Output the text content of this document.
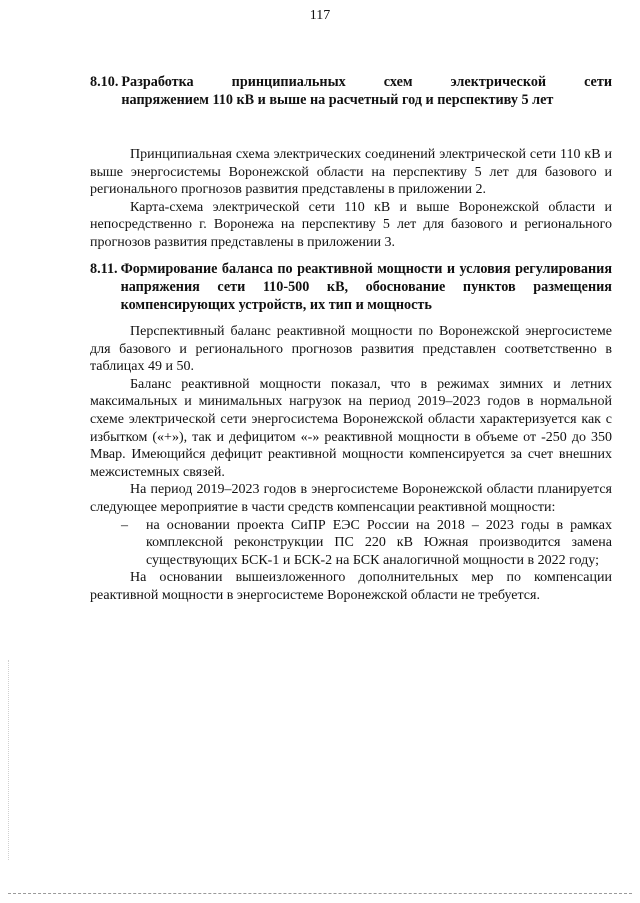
117
8.10. Разработка принципиальных схем электрической сети
напряжением 110 кВ и выше на расчетный год и перспективу 5 лет

Принципиальная схема электрических соединений электрической сети 110 кВ и выше энергосистемы Воронежской области на перспективу 5 лет для базового и регионального прогнозов развития представлены в приложении 2.

Карта-схема электрической сети 110 кВ и выше Воронежской области и непосредственно г. Воронежа на перспективу 5 лет для базового и регионального прогнозов развития представлены в приложении 3.

8.11. Формирование баланса по реактивной мощности и условия регулирования напряжения сети 110-500 кВ, обоснование пунктов размещения компенсирующих устройств, их тип и мощность

Перспективный баланс реактивной мощности по Воронежской энергосистеме для базового и регионального прогнозов развития представлен соответственно в таблицах 49 и 50.

Баланс реактивной мощности показал, что в режимах зимних и летних максимальных и минимальных нагрузок на период 2019–2023 годов в нормальной схеме электрической сети энергосистема Воронежской области характеризуется как с избытком («+»), так и дефицитом «-» реактивной мощности в объеме от -250 до 350 Мвар. Имеющийся дефицит реактивной мощности компенсируется за счет внешних межсистемных связей.

На период 2019–2023 годов в энергосистеме Воронежской области планируется следующее мероприятие в части средств компенсации реактивной мощности:

–	на основании проекта СиПР ЕЭС России на 2018 – 2023 годы в рамках комплексной реконструкции ПС 220 кВ Южная производится замена существующих БСК-1 и БСК-2 на БСК аналогичной мощности в 2022 году;

На основании вышеизложенного дополнительных мер по компенсации реактивной мощности в энергосистеме Воронежской области не требуется.
